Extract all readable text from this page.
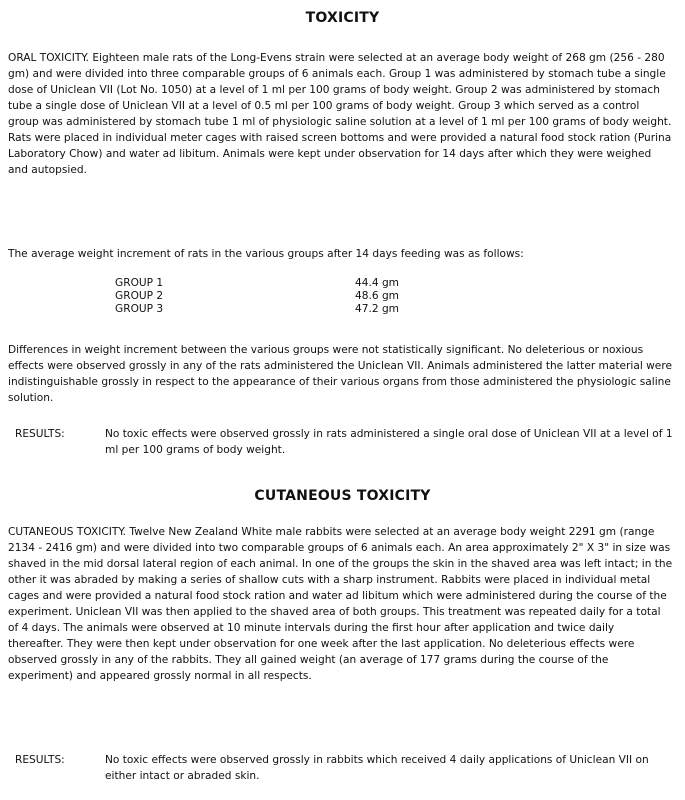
TOXICITY

ORAL TOXICITY. Eighteen male rats of the Long-Evens strain were selected at an average body weight of 268 gm (256 - 280 gm) and were divided into three comparable groups of 6 animals each. Group 1 was administered by stomach tube a single dose of Uniclean VII (Lot No. 1050) at a level of 1 ml per 100 grams of body weight. Group 2 was administered by stomach tube a single dose of Uniclean VII at a level of 0.5 ml per 100 grams of body weight. Group 3 which served as a control group was administered by stomach tube 1 ml of physiologic saline solution at a level of 1 ml per 100 grams of body weight. Rats were placed in individual meter cages with raised screen bottoms and were provided a natural food stock ration (Purina Laboratory Chow) and water ad libitum. Animals were kept under observation for 14 days after which they were weighed and autopsied.

The average weight increment of rats in the various groups after 14 days feeding was as follows:

GROUP 1	44.4 gm
GROUP 2	48.6 gm
GROUP 3	47.2 gm

Differences in weight increment between the various groups were not statistically significant. No deleterious or noxious effects were observed grossly in any of the rats administered the Uniclean VII. Animals administered the latter material were indistinguishable grossly in respect to the appearance of their various organs from those administered the physiologic saline solution.

RESULTS:	No toxic effects were observed grossly in rats administered a single oral dose of Uniclean VII at a level of 1 ml per 100 grams of body weight.
CUTANEOUS TOXICITY

CUTANEOUS TOXICITY. Twelve New Zealand White male rabbits were selected at an average body weight 2291 gm (range 2134 - 2416 gm) and were divided into two comparable groups of 6 animals each. An area approximately 2" X 3" in size was shaved in the mid dorsal lateral region of each animal. In one of the groups the skin in the shaved area was left intact; in the other it was abraded by making a series of shallow cuts with a sharp instrument. Rabbits were placed in individual metal cages and were provided a natural food stock ration and water ad libitum which were administered during the course of the experiment. Uniclean VII was then applied to the shaved area of both groups. This treatment was repeated daily for a total of 4 days. The animals were observed at 10 minute intervals during the first hour after application and twice daily thereafter. They were then kept under observation for one week after the last application. No deleterious effects were observed grossly in any of the rabbits. They all gained weight (an average of 177 grams during the course of the experiment) and appeared grossly normal in all respects.

RESULTS:	No toxic effects were observed grossly in rabbits which received 4 daily applications of Uniclean VII on either intact or abraded skin.
